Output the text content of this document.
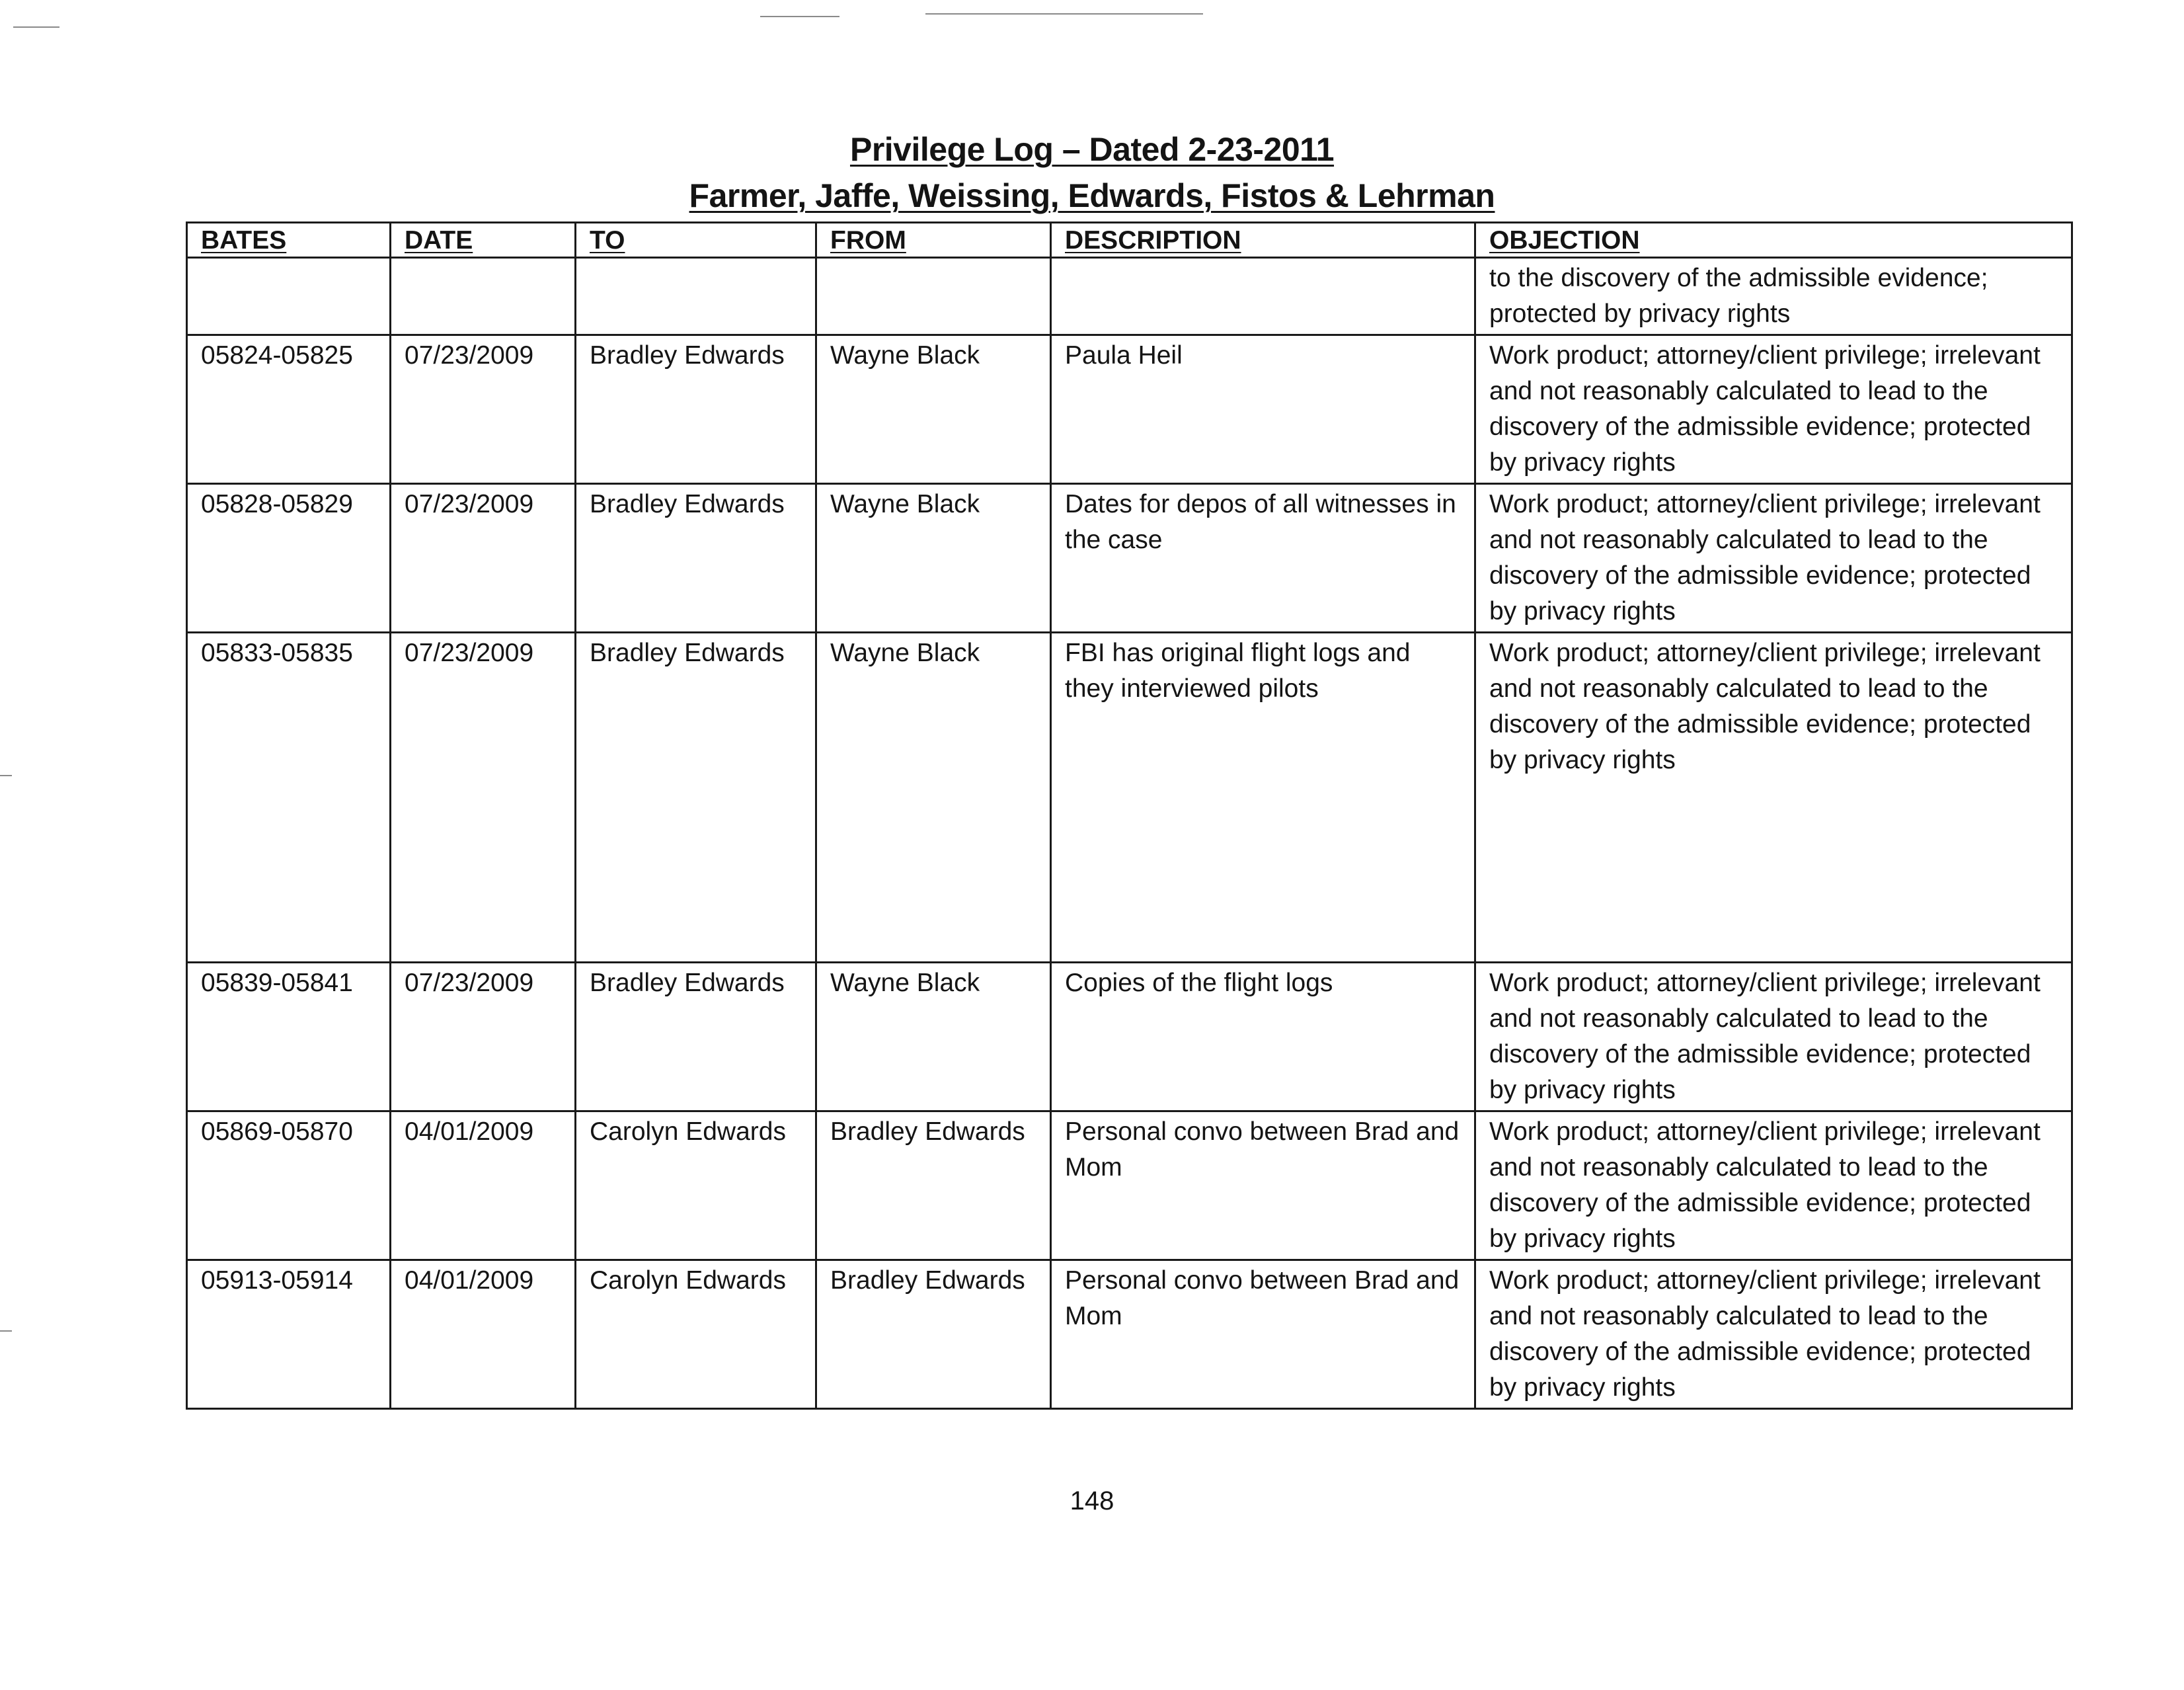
Privilege Log – Dated 2-23-2011
Farmer, Jaffe, Weissing, Edwards, Fistos & Lehrman
BATES	DATE	TO	FROM	DESCRIPTION	OBJECTION
					to the discovery of the admissible evidence; protected by privacy rights
05824-05825	07/23/2009	Bradley Edwards	Wayne Black	Paula Heil	Work product; attorney/client privilege; irrelevant and not reasonably calculated to lead to the discovery of the admissible evidence; protected by privacy rights
05828-05829	07/23/2009	Bradley Edwards	Wayne Black	Dates for depos of all witnesses in the case	Work product; attorney/client privilege; irrelevant and not reasonably calculated to lead to the discovery of the admissible evidence; protected by privacy rights
05833-05835	07/23/2009	Bradley Edwards	Wayne Black	FBI has original flight logs and they interviewed pilots	Work product; attorney/client privilege; irrelevant and not reasonably calculated to lead to the discovery of the admissible evidence; protected by privacy rights
05839-05841	07/23/2009	Bradley Edwards	Wayne Black	Copies of the flight logs	Work product; attorney/client privilege; irrelevant and not reasonably calculated to lead to the discovery of the admissible evidence; protected by privacy rights
05869-05870	04/01/2009	Carolyn Edwards	Bradley Edwards	Personal convo between Brad and Mom	Work product; attorney/client privilege; irrelevant and not reasonably calculated to lead to the discovery of the admissible evidence; protected by privacy rights
05913-05914	04/01/2009	Carolyn Edwards	Bradley Edwards	Personal convo between Brad and Mom	Work product; attorney/client privilege; irrelevant and not reasonably calculated to lead to the discovery of the admissible evidence; protected by privacy rights
148
